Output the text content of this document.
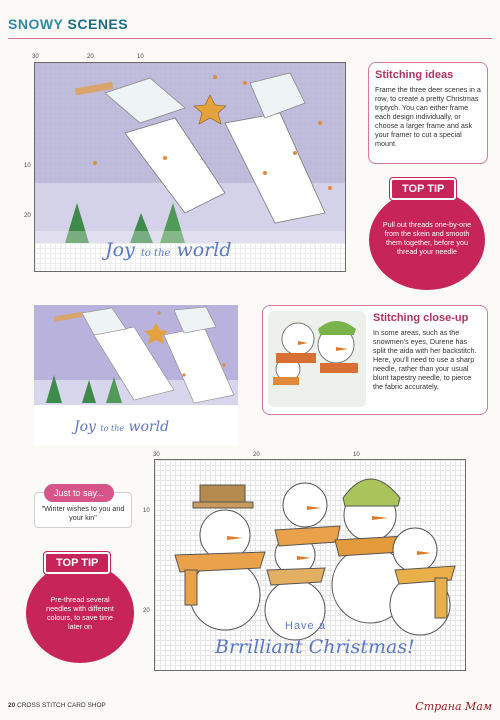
SNOWY SCENES
30	20	10
10
20
Joy to the world
Stitching ideas
Frame the three deer scenes in a row, to create a pretty Christmas triptych. You can either frame each design individually, or choose a larger frame and ask your framer to cut a special mount.
Pull out threads one-by-one from the skein and smooth them together, before you thread your needle
TOP TIP
Joy to the world
Stitching close-up
In some areas, such as the snowmen's eyes, Durene has split the aida with her backstitch. Here, you'll need to use a sharp needle, rather than your usual blunt tapestry needle, to pierce the fabric accurately.
"Winter wishes to you and your kin"
Just to say...
Pre-thread several needles with different colours, to save time later on
TOP TIP
30	20	10
10
20
Have a
Brrilliant Christmas!
20 CROSS STITCH CARD SHOP	Страна Мам
